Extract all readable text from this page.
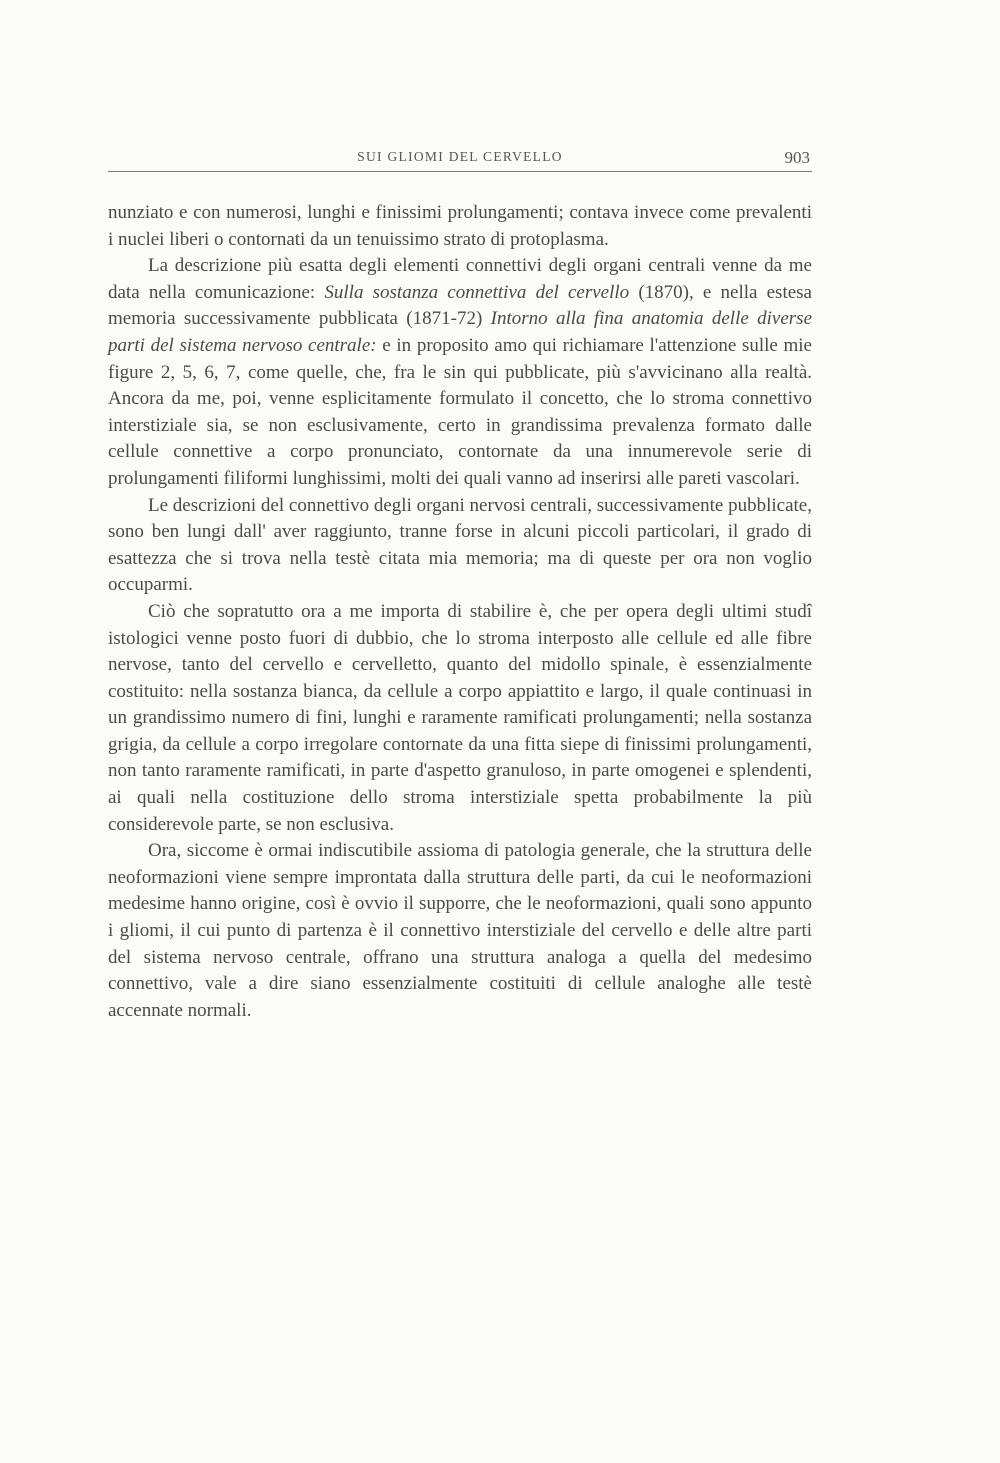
SUI GLIOMI DEL CERVELLO	903

nunziato e con numerosi, lunghi e finissimi prolungamenti; contava invece come prevalenti i nuclei liberi o contornati da un tenuissimo strato di protoplasma.

La descrizione più esatta degli elementi connettivi degli organi centrali venne da me data nella comunicazione: Sulla sostanza connettiva del cervello (1870), e nella estesa memoria successivamente pubblicata (1871-72) Intorno alla fina anatomia delle diverse parti del sistema nervoso centrale: e in proposito amo qui richiamare l'attenzione sulle mie figure 2, 5, 6, 7, come quelle, che, fra le sin qui pubblicate, più s'avvicinano alla realtà. Ancora da me, poi, venne esplicitamente formulato il concetto, che lo stroma connettivo interstiziale sia, se non esclusivamente, certo in grandissima prevalenza formato dalle cellule connettive a corpo pronunciato, contornate da una innumerevole serie di prolungamenti filiformi lunghissimi, molti dei quali vanno ad inserirsi alle pareti vascolari.

Le descrizioni del connettivo degli organi nervosi centrali, successivamente pubblicate, sono ben lungi dall' aver raggiunto, tranne forse in alcuni piccoli particolari, il grado di esattezza che si trova nella testè citata mia memoria; ma di queste per ora non voglio occuparmi.

Ciò che sopratutto ora a me importa di stabilire è, che per opera degli ultimi studî istologici venne posto fuori di dubbio, che lo stroma interposto alle cellule ed alle fibre nervose, tanto del cervello e cervelletto, quanto del midollo spinale, è essenzialmente costituito: nella sostanza bianca, da cellule a corpo appiattito e largo, il quale continuasi in un grandissimo numero di fini, lunghi e raramente ramificati prolungamenti; nella sostanza grigia, da cellule a corpo irregolare contornate da una fitta siepe di finissimi prolungamenti, non tanto raramente ramificati, in parte d'aspetto granuloso, in parte omogenei e splendenti, ai quali nella costituzione dello stroma interstiziale spetta probabilmente la più considerevole parte, se non esclusiva.

Ora, siccome è ormai indiscutibile assioma di patologia generale, che la struttura delle neoformazioni viene sempre improntata dalla struttura delle parti, da cui le neoformazioni medesime hanno origine, così è ovvio il supporre, che le neoformazioni, quali sono appunto i gliomi, il cui punto di partenza è il connettivo interstiziale del cervello e delle altre parti del sistema nervoso centrale, offrano una struttura analoga a quella del medesimo connettivo, vale a dire siano essenzialmente costituiti di cellule analoghe alle testè accennate normali.
